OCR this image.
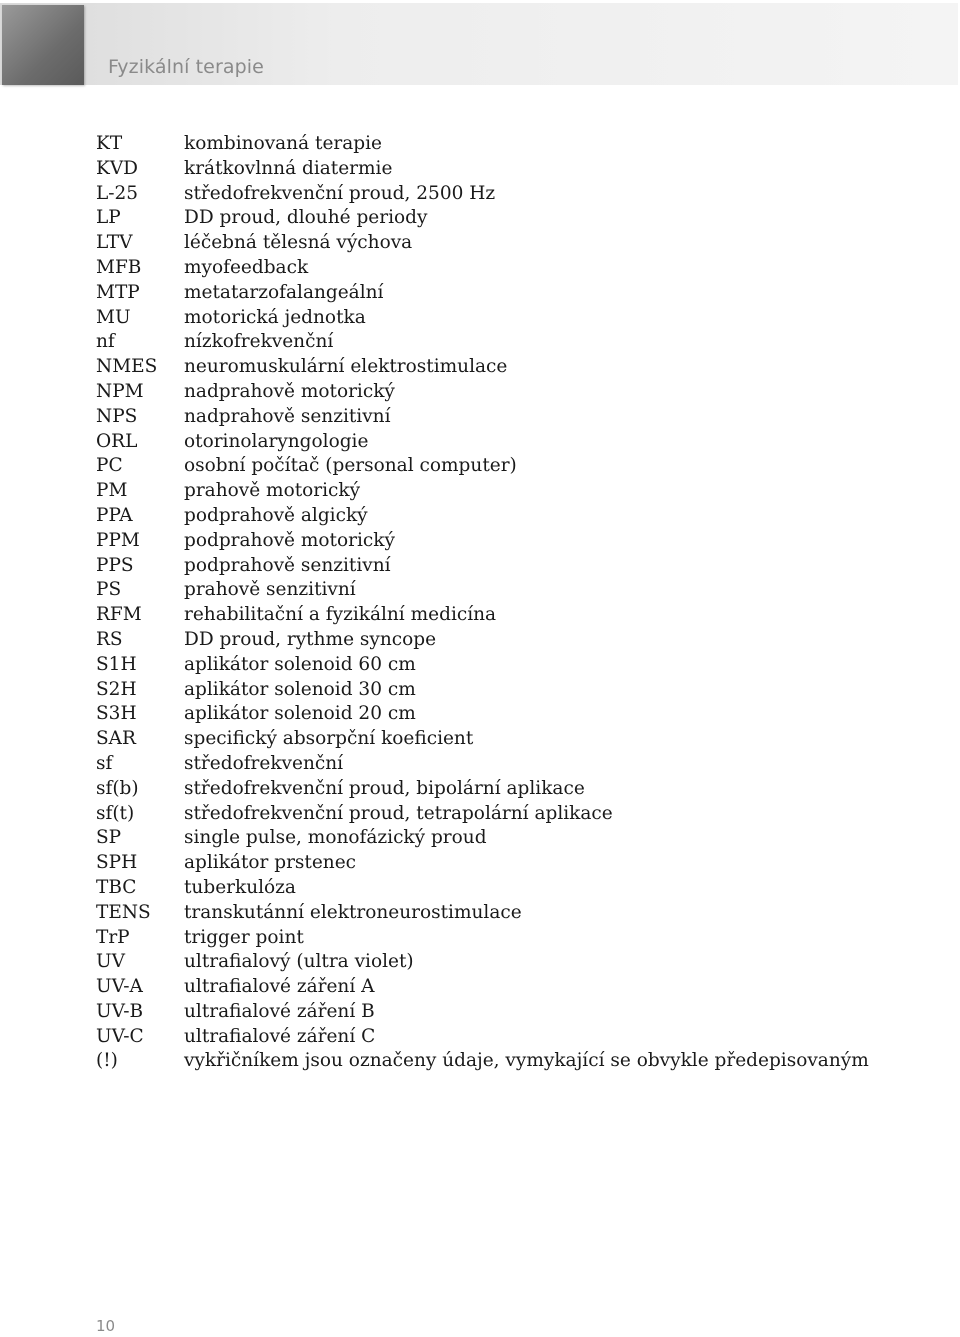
Fyzikální terapie
KT	kombinovaná terapie
KVD	krátkovlnná diatermie
L-25	středofrekvenční proud, 2500 Hz
LP	DD proud, dlouhé periody
LTV	léčebná tělesná výchova
MFB	myofeedback
MTP	metatarzofalangeální
MU	motorická jednotka
nf	nízkofrekvenční
NMES	neuromuskulární elektrostimulace
NPM	nadprahově motorický
NPS	nadprahově senzitivní
ORL	otorinolaryngologie
PC	osobní počítač (personal computer)
PM	prahově motorický
PPA	podprahově algický
PPM	podprahově motorický
PPS	podprahově senzitivní
PS	prahově senzitivní
RFM	rehabilitační a fyzikální medicína
RS	DD proud, rythme syncope
S1H	aplikátor solenoid 60 cm
S2H	aplikátor solenoid 30 cm
S3H	aplikátor solenoid 20 cm
SAR	specifický absorpční koeficient
sf	středofrekvenční
sf(b)	středofrekvenční proud, bipolární aplikace
sf(t)	středofrekvenční proud, tetrapolární aplikace
SP	single pulse, monofázický proud
SPH	aplikátor prstenec
TBC	tuberkulóza
TENS	transkutánní elektroneurostimulace
TrP	trigger point
UV	ultrafialový (ultra violet)
UV-A	ultrafialové záření A
UV-B	ultrafialové záření B
UV-C	ultrafialové záření C
(!)	vykřičníkem jsou označeny údaje, vymykající se obvykle předepisovaným
10
